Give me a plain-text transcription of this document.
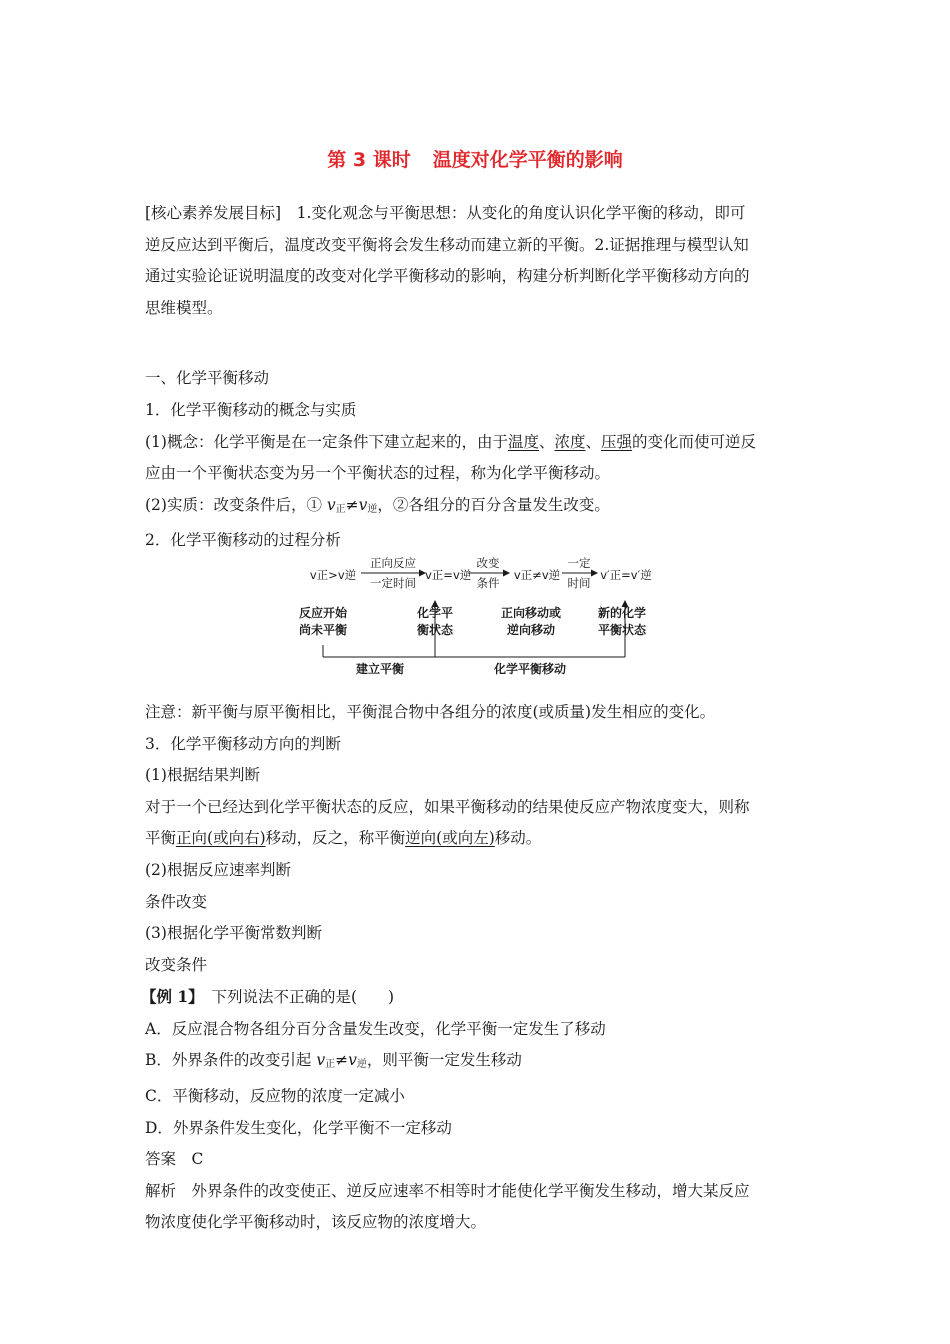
第 3 课时 温度对化学平衡的影响

[核心素养发展目标]　1.变化观念与平衡思想：从变化的角度认识化学平衡的移动，即可

逆反应达到平衡后，温度改变平衡将会发生移动而建立新的平衡。2.证据推理与模型认知

通过实验论证说明温度的改变对化学平衡移动的影响，构建分析判断化学平衡移动方向的

思维模型。

一、化学平衡移动

1．化学平衡移动的概念与实质

(1)概念：化学平衡是在一定条件下建立起来的，由于温度、浓度、压强的变化而使可逆反

应由一个平衡状态变为另一个平衡状态的过程，称为化学平衡移动。

(2)实质：改变条件后，① $v_正\ne v_逆$，②各组分的百分含量发生改变。

2．化学平衡移动的过程分析

v正>v逆
正向反应
一定时间
v正=v逆
改变
条件
v正≠v逆
一定
时间
v′正=v′逆
反应开始
尚未平衡
化学平
衡状态
正向移动或
逆向移动
新的化学
平衡状态
建立平衡	化学平衡移动

注意：新平衡与原平衡相比，平衡混合物中各组分的浓度(或质量)发生相应的变化。

3．化学平衡移动方向的判断

(1)根据结果判断

对于一个已经达到化学平衡状态的反应，如果平衡移动的结果使反应产物浓度变大，则称

平衡正向(或向右)移动，反之，称平衡逆向(或向左)移动。

(2)根据反应速率判断

条件改变

(3)根据化学平衡常数判断

改变条件

【例 1】　下列说法不正确的是(　　)

A．反应混合物各组分百分含量发生改变，化学平衡一定发生了移动

B．外界条件的改变引起 $v_正\ne v_逆$，则平衡一定发生移动

C．平衡移动，反应物的浓度一定减小

D．外界条件发生变化，化学平衡不一定移动

答案　C

解析　外界条件的改变使正、逆反应速率不相等时才能使化学平衡发生移动，增大某反应

物浓度使化学平衡移动时，该反应物的浓度增大。
